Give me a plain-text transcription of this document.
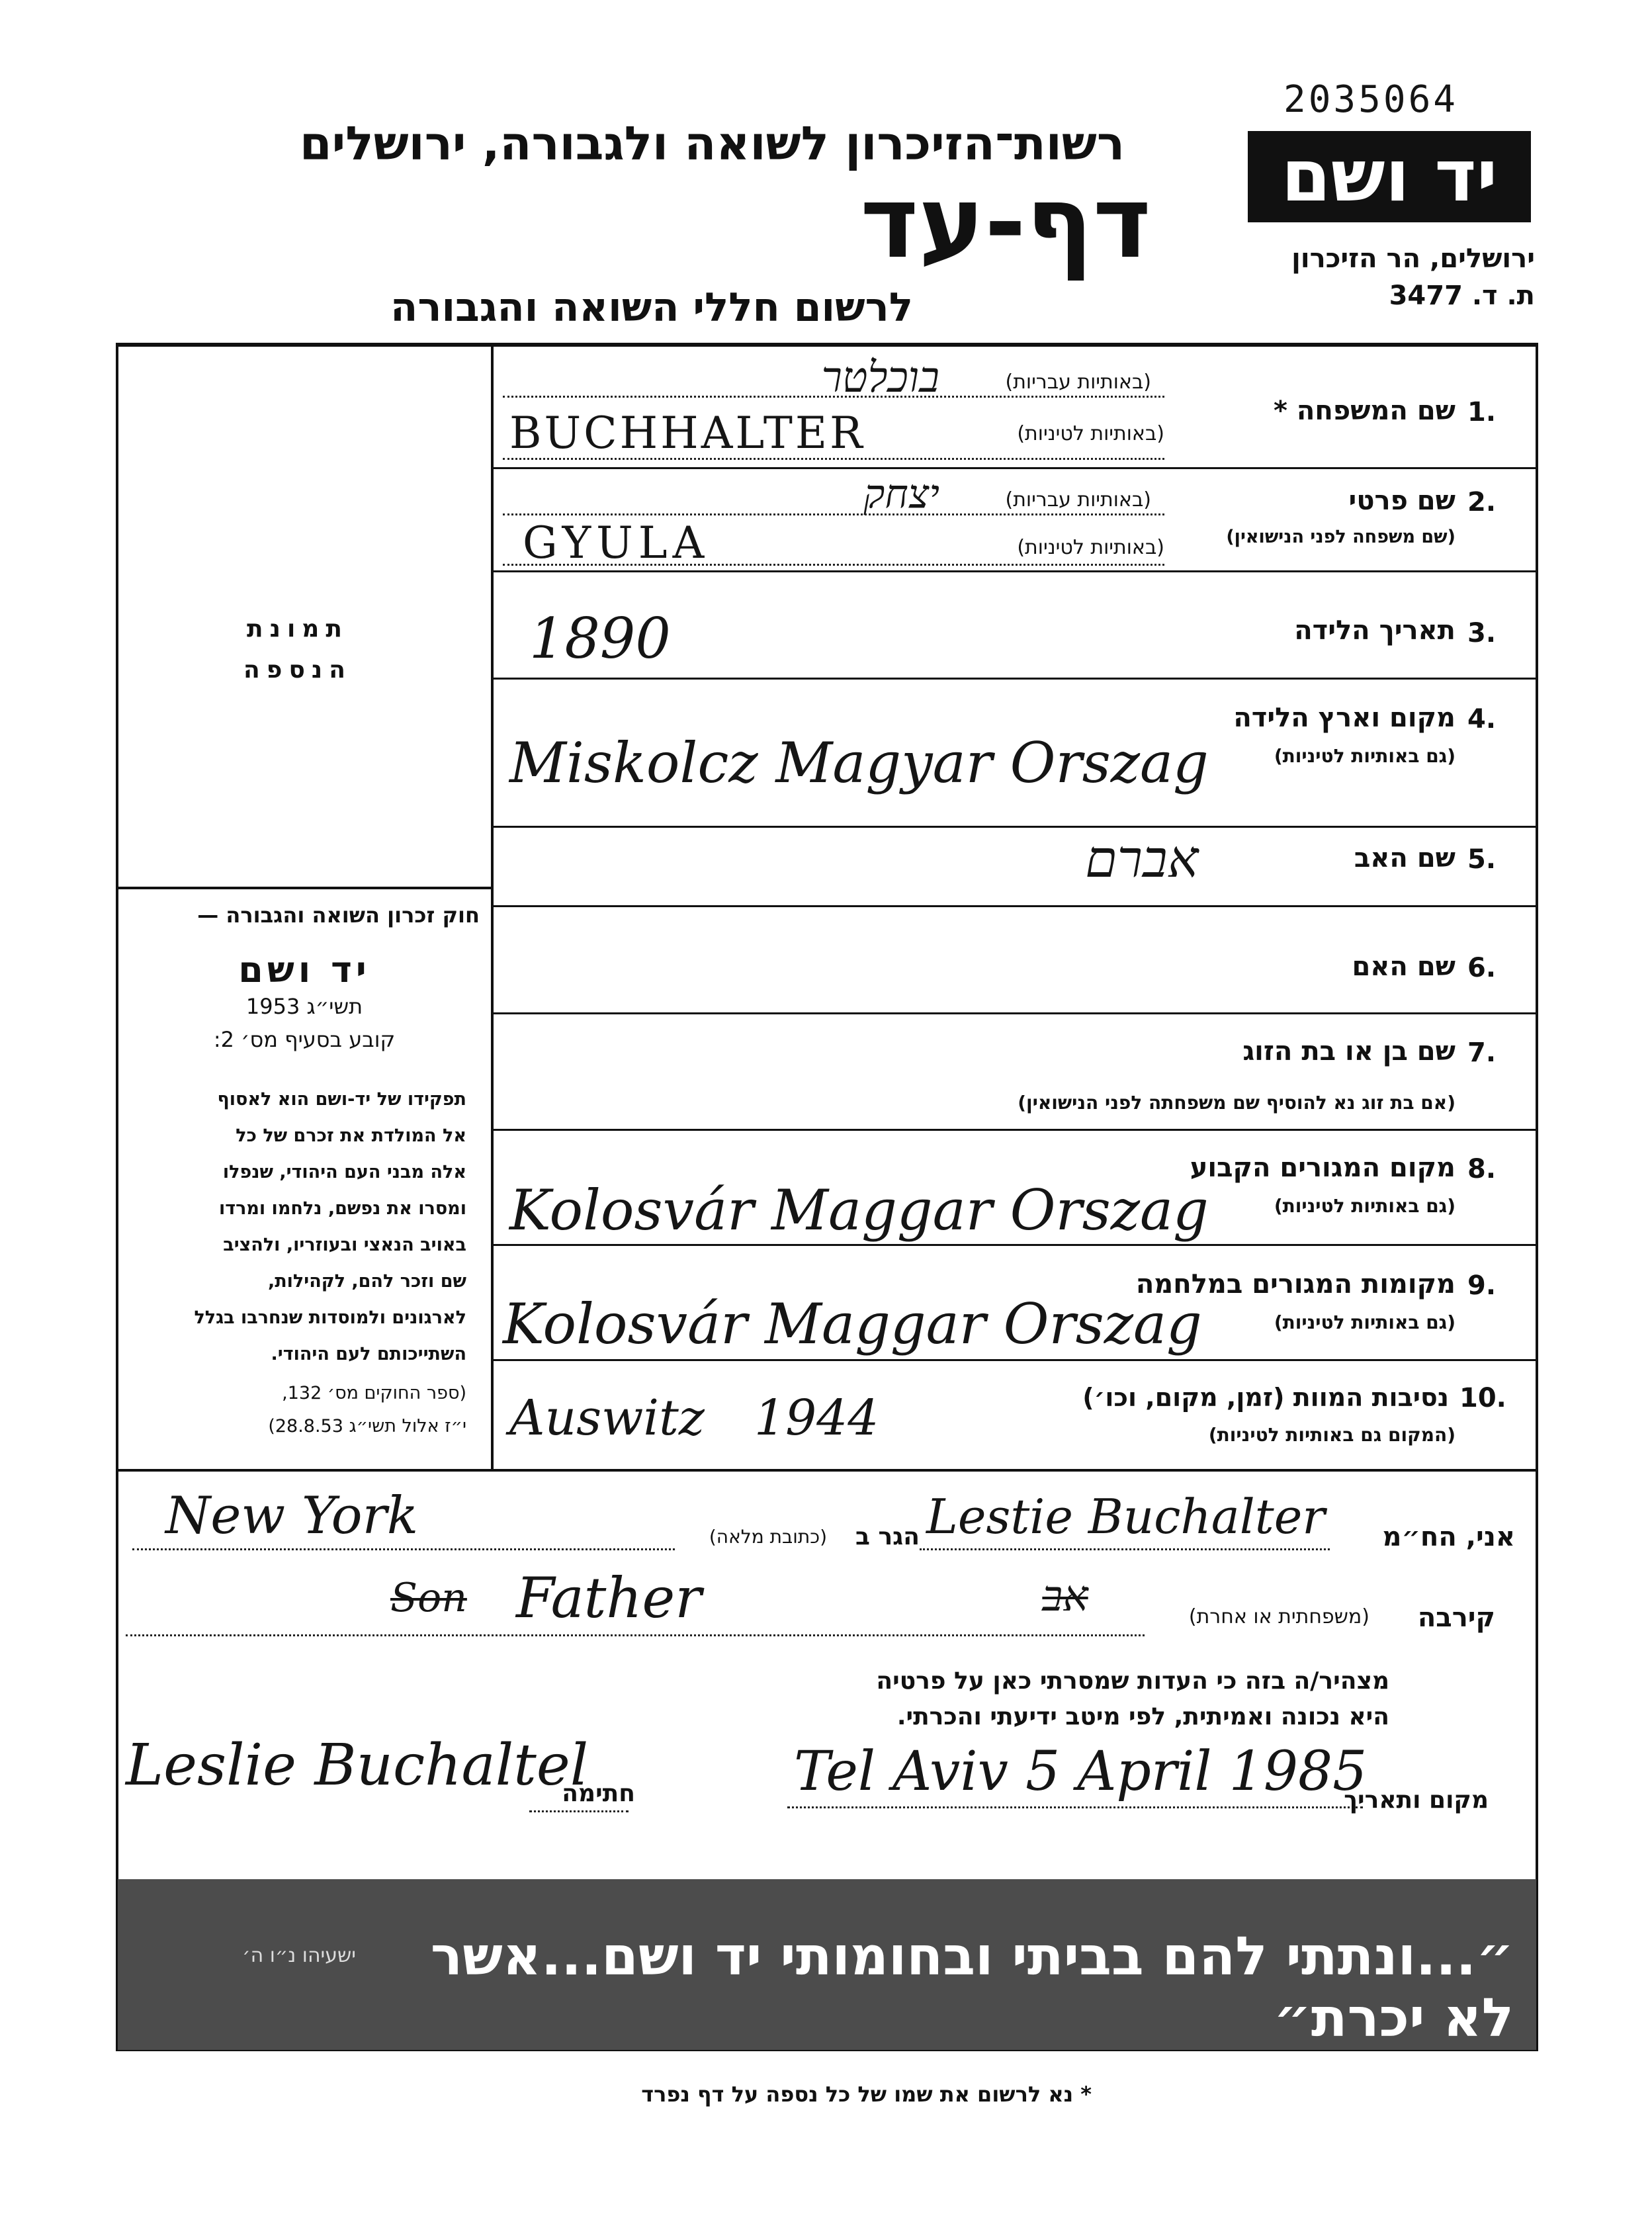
2035064
רשות־הזיכרון לשואה ולגבורה, ירושלים
דף-עד
לרשום חללי השואה והגבורה
יד ושם
ירושלים, הר הזיכרון
ת. ד. 3477
תמונת
הנספה
חוק זכרון השואה והגבורה —
יד ושם
תשי״ג 1953
קובע בסעיף מס׳ 2:
תפקידו של יד-ושם הוא לאסוף
אל המולדת את זכרם של כל
אלה מבני העם היהודי, שנפלו
ומסרו את נפשם, נלחמו ומרדו
באויב הנאצי ובעוזריו, ולהציב
שם וזכר להם, לקהילות,
לארגונים ולמוסדות שנחרבו בגלל
השתייכותם לעם היהודי.
(ספר החוקים מס׳ 132,
י״ז אלול תשי״ג 28.8.53)
1.
שם המשפחה *
(באותיות עבריות)
(באותיות לטיניות)
בוכלטר
BUCHHALTER
2.
שם פרטי
(שם משפחה לפני הנישואין)
(באותיות עבריות)
(באותיות לטיניות)
יצחק
GYULA
3.
תאריך הלידה
1890
4.
מקום וארץ הלידה
(גם באותיות לטיניות)
Miskolcz Magyar Orszag
5.
שם האב
אברם
6.
שם האם
7.
שם בן או בת הזוג
(אם בת זוג נא להוסיף שם משפחתה לפני הנישואין)
8.
מקום המגורים הקבוע
(גם באותיות לטיניות)
Kolosvár Maggar Orszag
9.
מקומות המגורים במלחמה
(גם באותיות לטיניות)
Kolosvár Maggar Orszag
10.
נסיבות המוות (זמן, מקום, וכו׳)
(המקום גם באותיות לטיניות)
Auswitz 1944
אני, הח״מ
Lestie Buchalter
הגר ב
(כתובת מלאה)
New York
קירבה
(משפחתית או אחרת)
Son Father	אב
מצהיר/ה בזה כי העדות שמסרתי כאן על פרטיה
היא נכונה ואמיתית, לפי מיטב ידיעתי והכרתי.
Leslie Buchaltel
חתימה	Tel Aviv 5 April 1985
מקום ותאריך
״...ונתתי להם בביתי ובחומותי יד ושם...אשר לא יכרת״
ישעיהו נ״ו ה׳
* נא לרשום את שמו של כל נספה על דף נפרד
